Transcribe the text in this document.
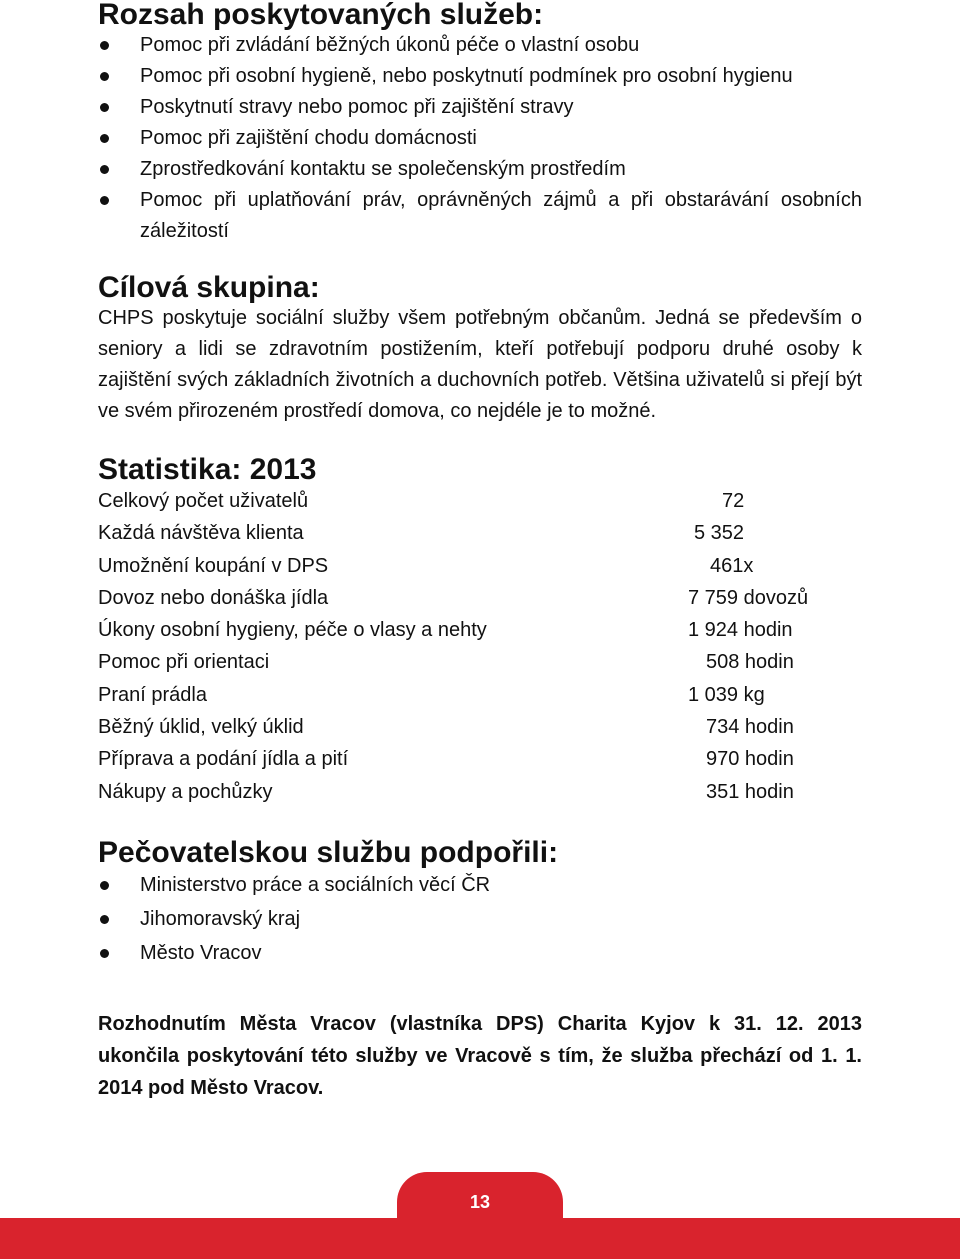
Rozsah poskytovaných služeb:
Pomoc při zvládání běžných úkonů péče o vlastní osobu
Pomoc při osobní hygieně, nebo poskytnutí podmínek pro osobní hygienu
Poskytnutí stravy nebo pomoc při zajištění stravy
Pomoc při zajištění chodu domácnosti
Zprostředkování kontaktu se společenským prostředím
Pomoc při uplatňování práv, oprávněných zájmů a při obstarávání osobních záležitostí
Cílová skupina:

CHPS poskytuje sociální služby všem potřebným občanům. Jedná se především o seniory a lidi se zdravotním postižením, kteří potřebují podporu druhé osoby k zajištění svých základních životních a duchovních potřeb. Většina uživatelů si přejí být ve svém přirozeném prostředí domova, co nejdéle je to možné.

Statistika: 2013
Celkový počet uživatelů	72
Každá návštěva klienta	5 352
Umožnění koupání v DPS	461x
Dovoz nebo donáška jídla	7 759 dovozů
Úkony osobní hygieny, péče o vlasy a nehty	1 924 hodin
Pomoc při orientaci	508 hodin
Praní prádla	1 039 kg
Běžný úklid, velký úklid	734 hodin
Příprava a podání jídla a pití	970 hodin
Nákupy a pochůzky	351 hodin
Pečovatelskou službu podpořili:
Ministerstvo práce a sociálních věcí ČR
Jihomoravský kraj
Město Vracov

Rozhodnutím Města Vracov (vlastníka DPS) Charita Kyjov k 31. 12. 2013 ukončila poskytování této služby ve Vracově s tím, že služba přechází od 1. 1. 2014 pod Město Vracov.

13
